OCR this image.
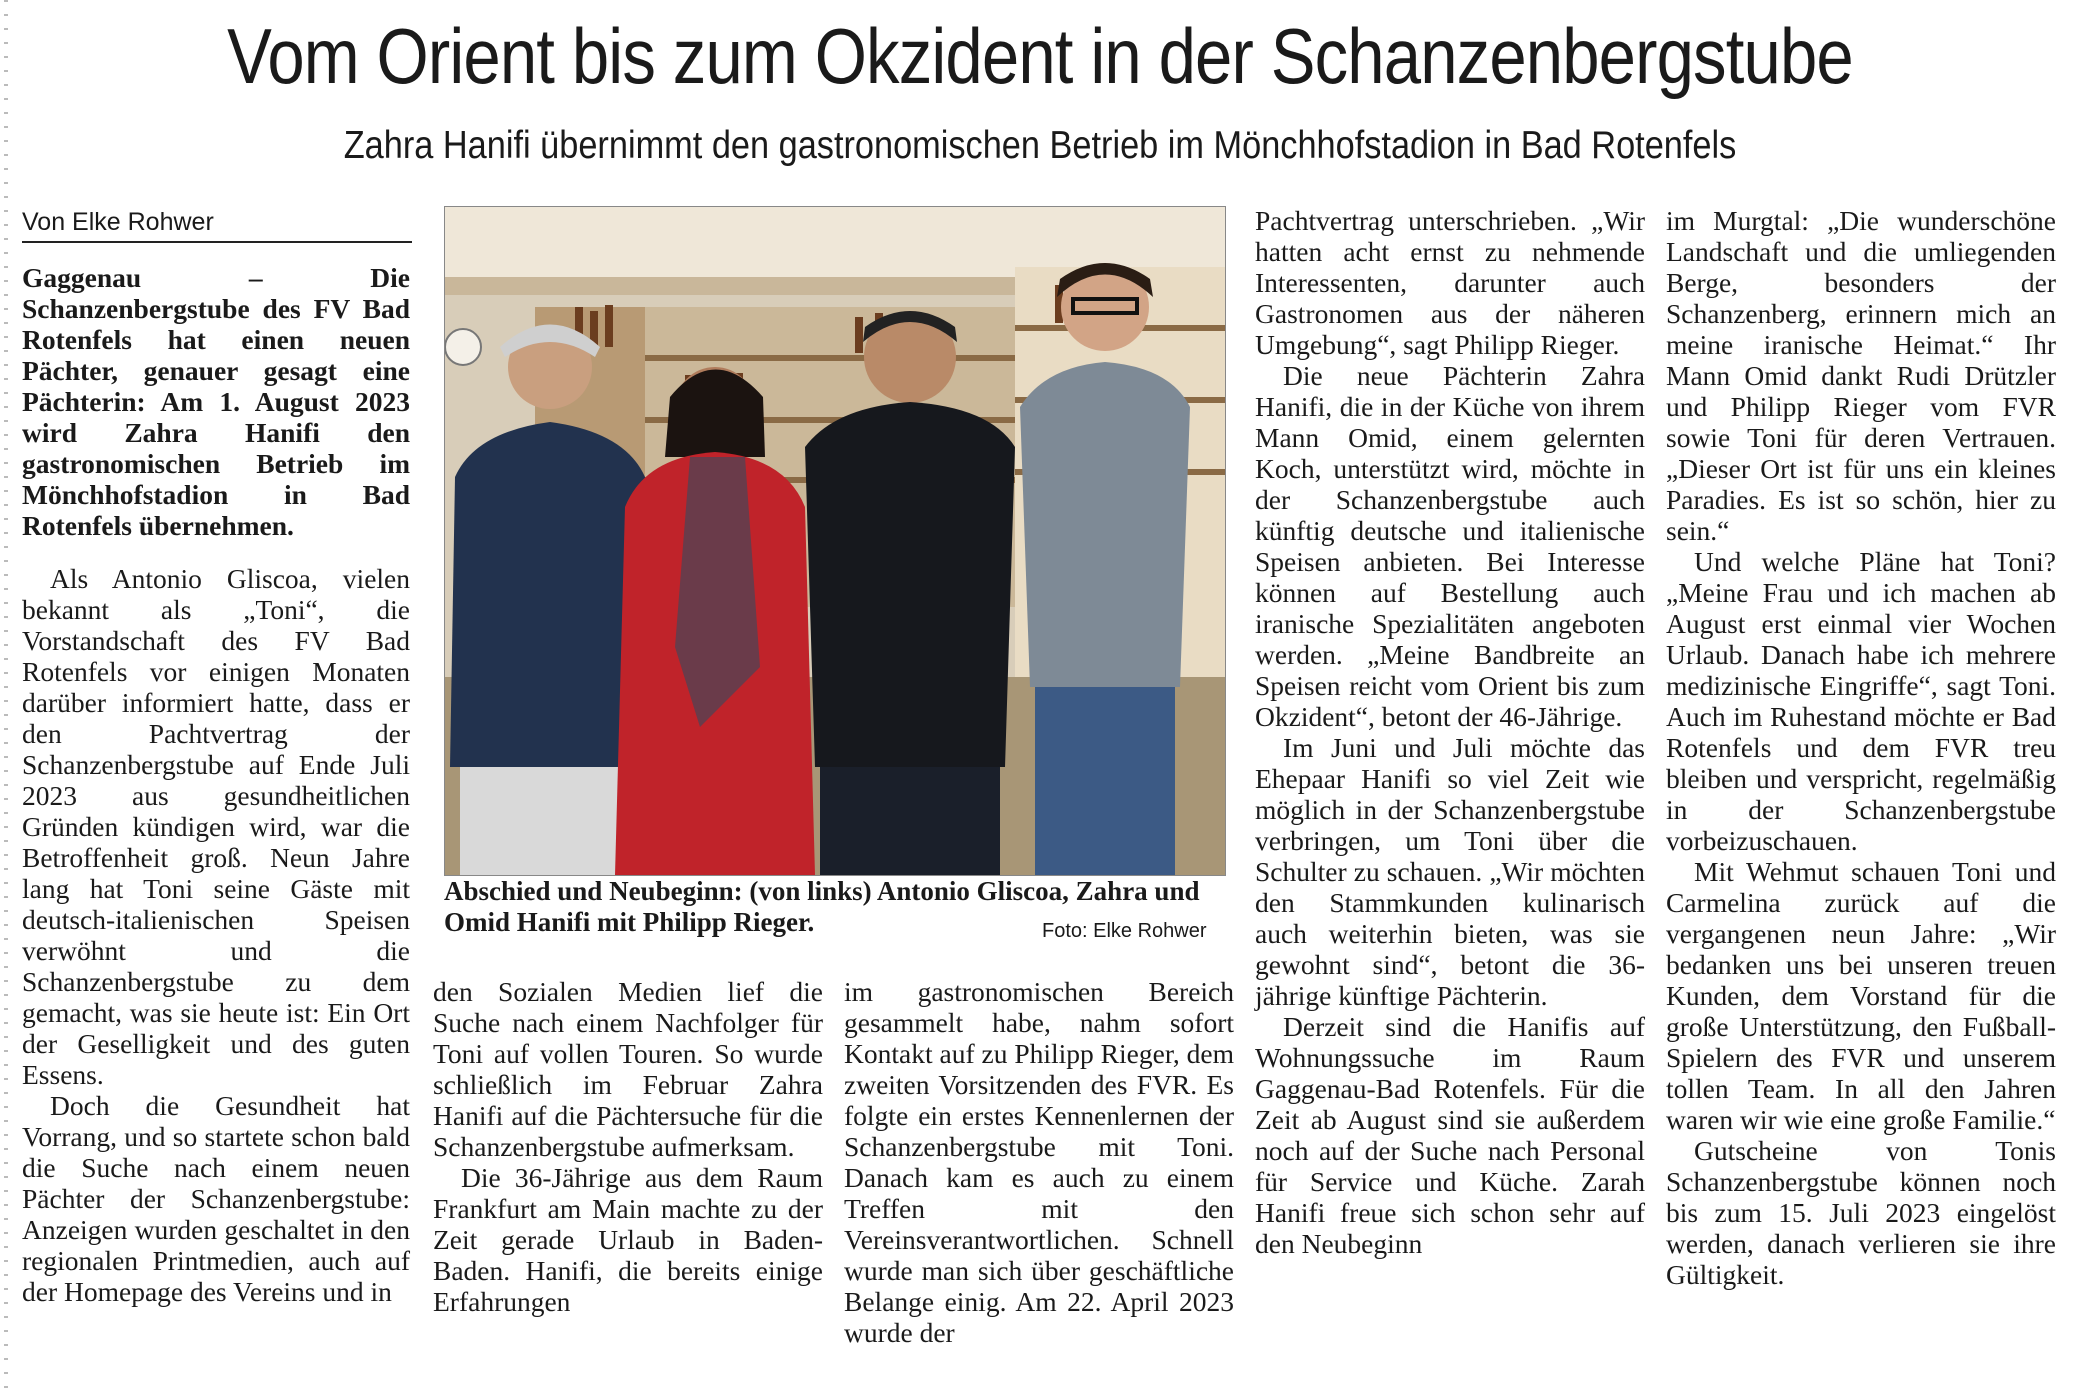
Vom Orient bis zum Okzident in der Schanzenbergstube
Zahra Hanifi übernimmt den gastronomischen Betrieb im Mönchhofstadion in Bad Rotenfels
Von Elke Rohwer

Gaggenau – Die Schanzenbergstube des FV Bad Rotenfels hat einen neuen Pächter, genauer gesagt eine Pächterin: Am 1. August 2023 wird Zahra Hanifi den gastronomischen Betrieb im Mönchhofstadion in Bad Rotenfels übernehmen.

Als Antonio Gliscoa, vielen bekannt als „Toni“, die Vorstandschaft des FV Bad Rotenfels vor einigen Monaten darüber informiert hatte, dass er den Pachtvertrag der Schanzenbergstube auf Ende Juli 2023 aus gesundheitlichen Gründen kündigen wird, war die Betroffenheit groß. Neun Jahre lang hat Toni seine Gäste mit deutsch-italienischen Speisen verwöhnt und die Schanzenbergstube zu dem gemacht, was sie heute ist: Ein Ort der Geselligkeit und des guten Essens.

Doch die Gesundheit hat Vorrang, und so startete schon bald die Suche nach einem neuen Pächter der Schanzenbergstube: Anzeigen wurden geschaltet in den regionalen Printmedien, auch auf der Homepage des Vereins und in

Abschied und Neubeginn: (von links) Antonio Gliscoa, Zahra und Omid Hanifi mit Philipp Rieger.	Foto: Elke Rohwer

den Sozialen Medien lief die Suche nach einem Nachfolger für Toni auf vollen Touren. So wurde schließlich im Februar Zahra Hanifi auf die Pächtersuche für die Schanzenbergstube aufmerksam.

Die 36-Jährige aus dem Raum Frankfurt am Main machte zu der Zeit gerade Urlaub in Baden-Baden. Hanifi, die bereits einige Erfahrungen

im gastronomischen Bereich gesammelt habe, nahm sofort Kontakt auf zu Philipp Rieger, dem zweiten Vorsitzenden des FVR. Es folgte ein erstes Kennenlernen der Schanzenbergstube mit Toni. Danach kam es auch zu einem Treffen mit den Vereinsverantwortlichen. Schnell wurde man sich über geschäftliche Belange einig. Am 22. April 2023 wurde der

Pachtvertrag unterschrieben. „Wir hatten acht ernst zu nehmende Interessenten, darunter auch Gastronomen aus der näheren Umgebung“, sagt Philipp Rieger.

Die neue Pächterin Zahra Hanifi, die in der Küche von ihrem Mann Omid, einem gelernten Koch, unterstützt wird, möchte in der Schanzenbergstube auch künftig deutsche und italienische Speisen anbieten. Bei Interesse können auf Bestellung auch iranische Spezialitäten angeboten werden. „Meine Bandbreite an Speisen reicht vom Orient bis zum Okzident“, betont der 46-Jährige.

Im Juni und Juli möchte das Ehepaar Hanifi so viel Zeit wie möglich in der Schanzenbergstube verbringen, um Toni über die Schulter zu schauen. „Wir möchten den Stammkunden kulinarisch auch weiterhin bieten, was sie gewohnt sind“, betont die 36-jährige künftige Pächterin.

Derzeit sind die Hanifis auf Wohnungssuche im Raum Gaggenau-Bad Rotenfels. Für die Zeit ab August sind sie außerdem noch auf der Suche nach Personal für Service und Küche. Zarah Hanifi freue sich schon sehr auf den Neubeginn

im Murgtal: „Die wunderschöne Landschaft und die umliegenden Berge, besonders der Schanzenberg, erinnern mich an meine iranische Heimat.“ Ihr Mann Omid dankt Rudi Drützler und Philipp Rieger vom FVR sowie Toni für deren Vertrauen. „Dieser Ort ist für uns ein kleines Paradies. Es ist so schön, hier zu sein.“

Und welche Pläne hat Toni? „Meine Frau und ich machen ab August erst einmal vier Wochen Urlaub. Danach habe ich mehrere medizinische Eingriffe“, sagt Toni. Auch im Ruhestand möchte er Bad Rotenfels und dem FVR treu bleiben und verspricht, regelmäßig in der Schanzenbergstube vorbeizuschauen.

Mit Wehmut schauen Toni und Carmelina zurück auf die vergangenen neun Jahre: „Wir bedanken uns bei unseren treuen Kunden, dem Vorstand für die große Unterstützung, den Fußball-Spielern des FVR und unserem tollen Team. In all den Jahren waren wir wie eine große Familie.“

Gutscheine von Tonis Schanzenbergstube können noch bis zum 15. Juli 2023 eingelöst werden, danach verlieren sie ihre Gültigkeit.
